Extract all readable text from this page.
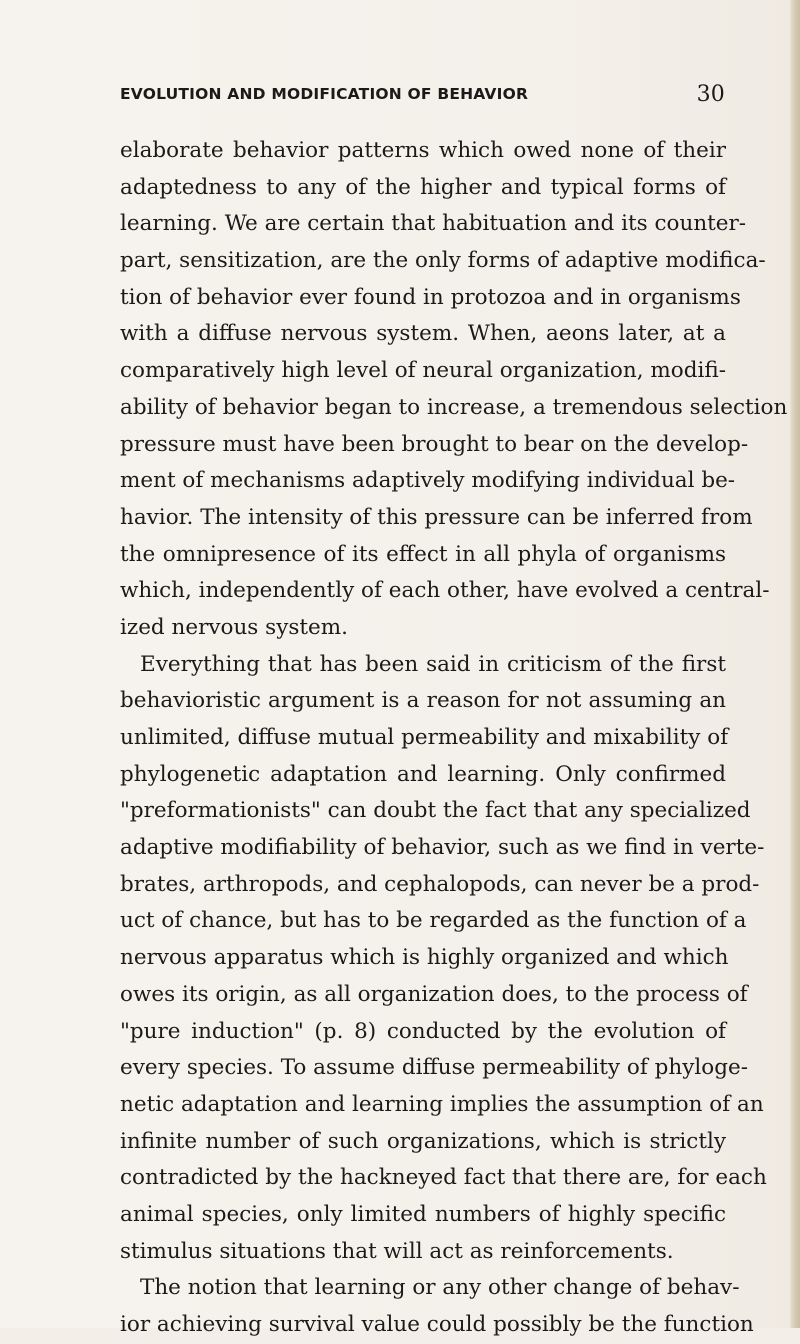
EVOLUTION AND MODIFICATION OF BEHAVIOR	30
elaborate behavior patterns which owed none of their
adaptedness to any of the higher and typical forms of
learning. We are certain that habituation and its counter-
part, sensitization, are the only forms of adaptive modifica-
tion of behavior ever found in protozoa and in organisms
with a diffuse nervous system. When, aeons later, at a
comparatively high level of neural organization, modifi-
ability of behavior began to increase, a tremendous selection
pressure must have been brought to bear on the develop-
ment of mechanisms adaptively modifying individual be-
havior. The intensity of this pressure can be inferred from
the omnipresence of its effect in all phyla of organisms
which, independently of each other, have evolved a central-
ized nervous system.
Everything that has been said in criticism of the first
behavioristic argument is a reason for not assuming an
unlimited, diffuse mutual permeability and mixability of
phylogenetic adaptation and learning. Only confirmed
"preformationists" can doubt the fact that any specialized
adaptive modifiability of behavior, such as we find in verte-
brates, arthropods, and cephalopods, can never be a prod-
uct of chance, but has to be regarded as the function of a
nervous apparatus which is highly organized and which
owes its origin, as all organization does, to the process of
"pure induction" (p. 8) conducted by the evolution of
every species. To assume diffuse permeability of phyloge-
netic adaptation and learning implies the assumption of an
infinite number of such organizations, which is strictly
contradicted by the hackneyed fact that there are, for each
animal species, only limited numbers of highly specific
stimulus situations that will act as reinforcements.
The notion that learning or any other change of behav-
ior achieving survival value could possibly be the function
